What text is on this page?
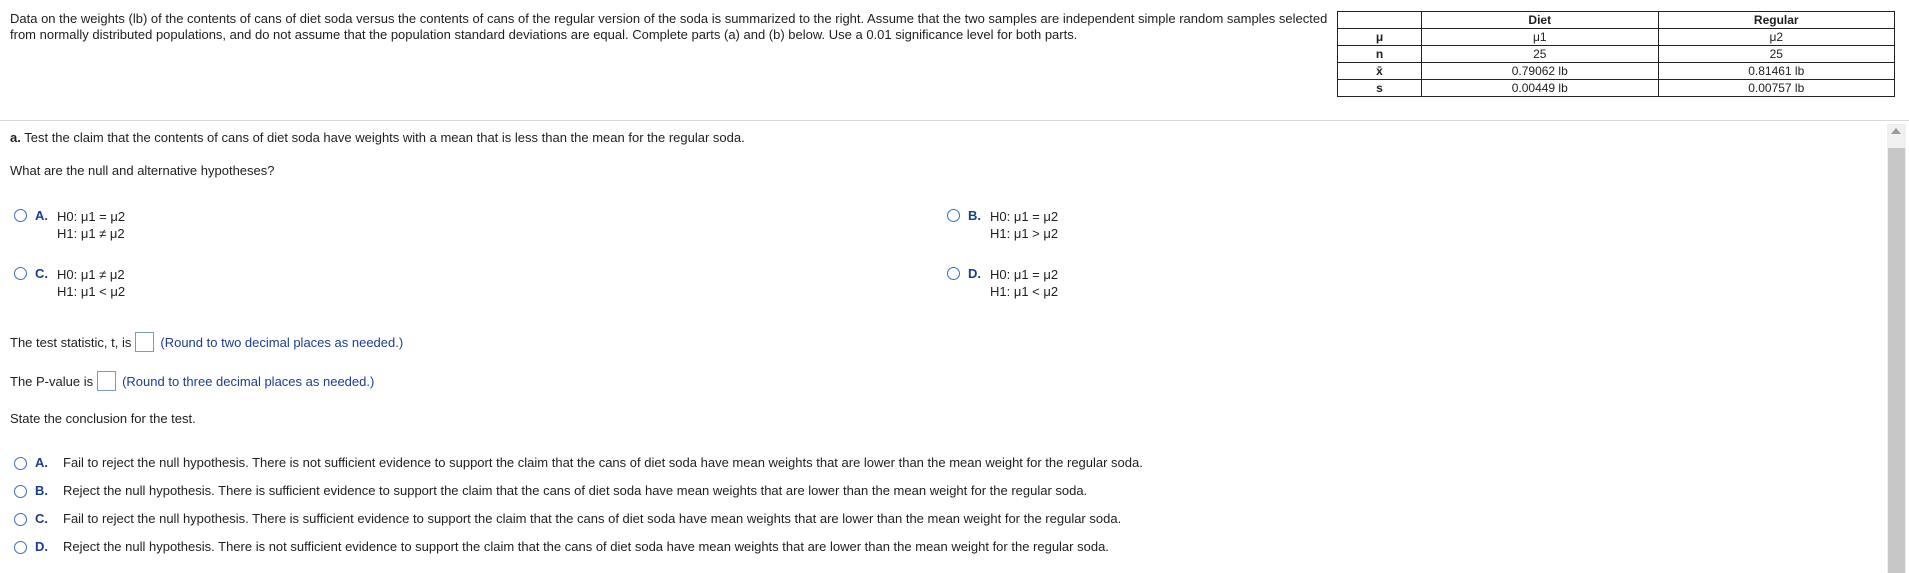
Data on the weights (lb) of the contents of cans of diet soda versus the contents of cans of the regular version of the soda is summarized to the right. Assume that the two samples are independent simple random samples selected from normally distributed populations, and do not assume that the population standard deviations are equal. Complete parts (a) and (b) below. Use a 0.01 significance level for both parts.
	Diet	Regular
μ	μ1	μ2
n	25	25
x̄	0.79062 lb	0.81461 lb
s	0.00449 lb	0.00757 lb
a. Test the claim that the contents of cans of diet soda have weights with a mean that is less than the mean for the regular soda.
What are the null and alternative hypotheses?
A. H0: μ1 = μ2
H1: μ1 ≠ μ2
B. H0: μ1 = μ2
H1: μ1 > μ2
C. H0: μ1 ≠ μ2
H1: μ1 < μ2
D. H0: μ1 = μ2
H1: μ1 < μ2
The test statistic, t, is (Round to two decimal places as needed.)
The P-value is (Round to three decimal places as needed.)
State the conclusion for the test.
A.	Fail to reject the null hypothesis. There is not sufficient evidence to support the claim that the cans of diet soda have mean weights that are lower than the mean weight for the regular soda.
B.	Reject the null hypothesis. There is sufficient evidence to support the claim that the cans of diet soda have mean weights that are lower than the mean weight for the regular soda.
C.	Fail to reject the null hypothesis. There is sufficient evidence to support the claim that the cans of diet soda have mean weights that are lower than the mean weight for the regular soda.
D.	Reject the null hypothesis. There is not sufficient evidence to support the claim that the cans of diet soda have mean weights that are lower than the mean weight for the regular soda.
